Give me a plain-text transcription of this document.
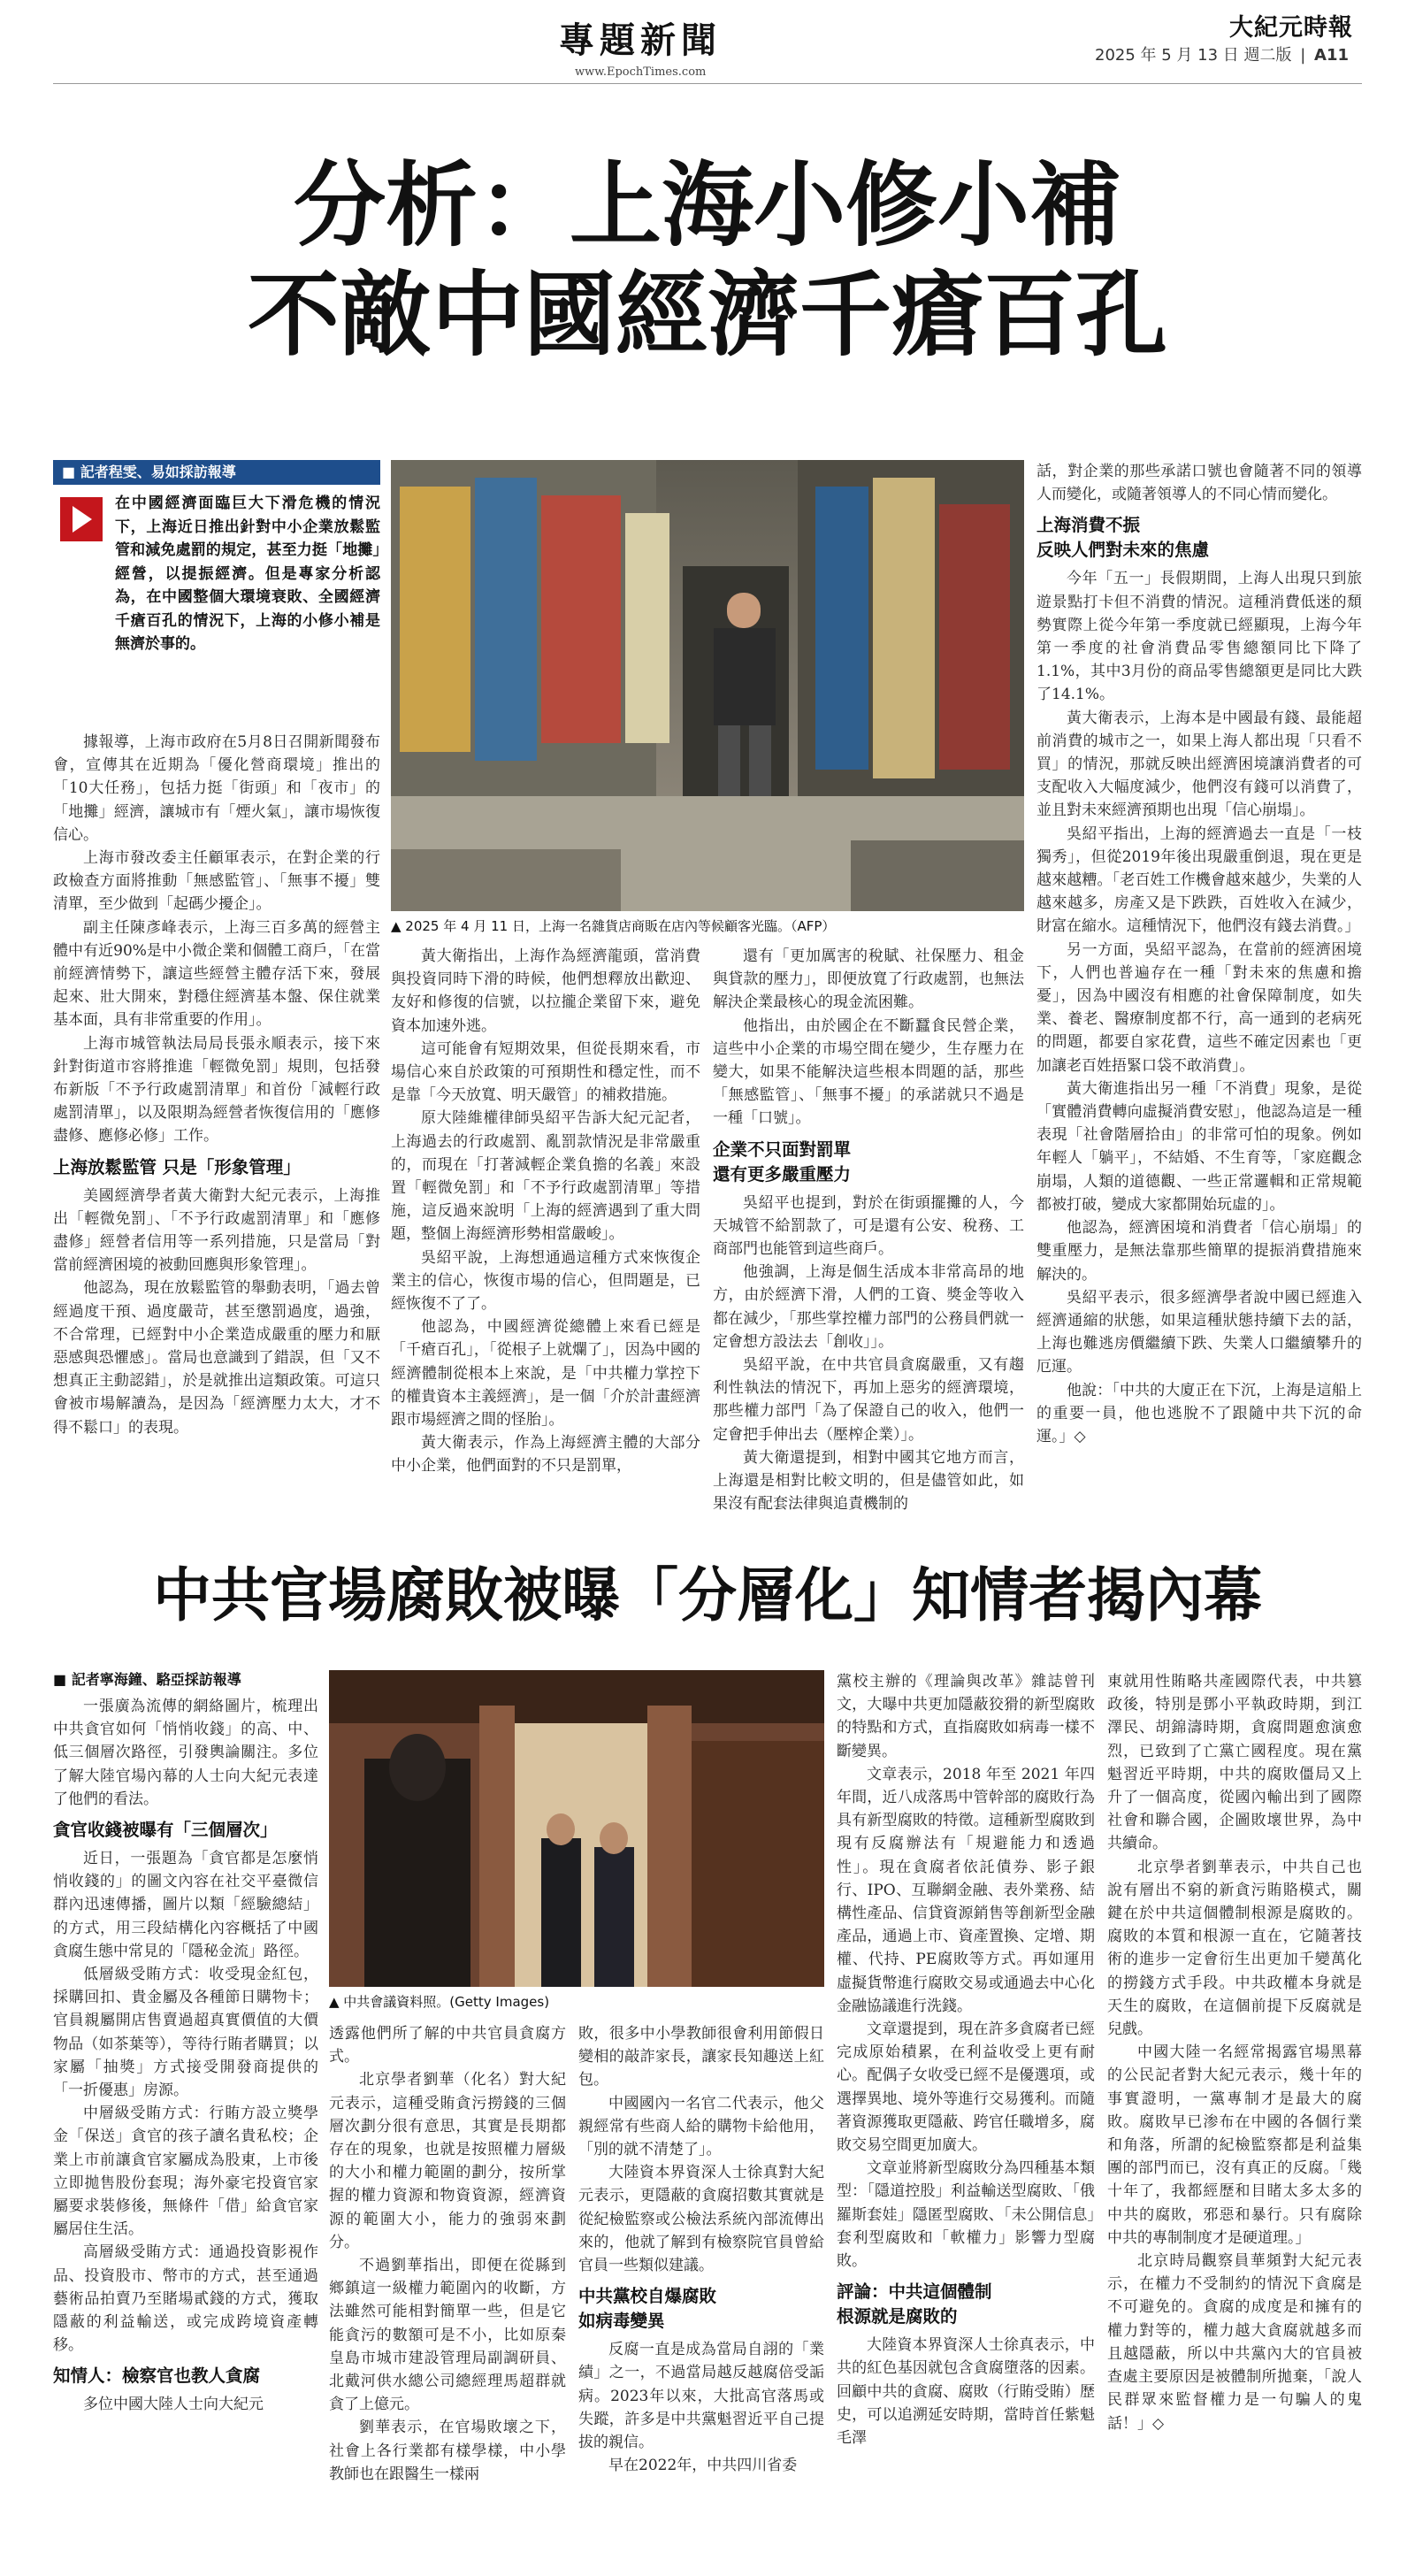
專題新聞
www.EpochTimes.com
大紀元時報
2025 年 5 月 13 日 週二版 | A11
分析：上海小修小補
不敵中國經濟千瘡百孔
■ 記者程雯、易如採訪報導
在中國經濟面臨巨大下滑危機的情況下，上海近日推出針對中小企業放鬆監管和減免處罰的規定，甚至力挺「地攤」經營，以提振經濟。但是專家分析認為，在中國整個大環境衰敗、全國經濟千瘡百孔的情況下，上海的小修小補是無濟於事的。
▲ 2025 年 4 月 11 日，上海一名雜貨店商販在店內等候顧客光臨。（AFP）

據報導，上海市政府在5月8日召開新聞發布會，宣傳其在近期為「優化營商環境」推出的「10大任務」，包括力挺「街頭」和「夜市」的「地攤」經濟，讓城市有「煙火氣」，讓市場恢復信心。

上海市發改委主任顧軍表示，在對企業的行政檢查方面將推動「無感監管」、「無事不擾」雙清單，至少做到「起碼少擾企」。

副主任陳彥峰表示，上海三百多萬的經營主體中有近90%是中小微企業和個體工商戶，「在當前經濟情勢下，讓這些經營主體存活下來，發展起來、壯大開來，對穩住經濟基本盤、保住就業基本面，具有非常重要的作用」。

上海市城管執法局局長張永順表示，接下來針對街道市容將推進「輕微免罰」規則，包括發布新版「不予行政處罰清單」和首份「減輕行政處罰清單」，以及限期為經營者恢復信用的「應修盡修、應修必修」工作。

上海放鬆監管 只是「形象管理」

美國經濟學者黃大衛對大紀元表示，上海推出「輕微免罰」、「不予行政處罰清單」和「應修盡修」經營者信用等一系列措施，只是當局「對當前經濟困境的被動回應與形象管理」。

他認為，現在放鬆監管的舉動表明，「過去曾經過度干預、過度嚴苛，甚至懲罰過度，過強，不合常理，已經對中小企業造成嚴重的壓力和厭惡感與恐懼感」。當局也意識到了錯誤，但「又不想真正主動認錯」，於是就推出這類政策。可這只會被市場解讀為，是因為「經濟壓力太大，才不得不鬆口」的表現。

黃大衛指出，上海作為經濟龍頭，當消費與投資同時下滑的時候，他們想釋放出歡迎、友好和修復的信號，以拉攏企業留下來，避免資本加速外逃。

這可能會有短期效果，但從長期來看，市場信心來自於政策的可預期性和穩定性，而不是靠「今天放寬、明天嚴管」的補救措施。

原大陸維權律師吳紹平告訴大紀元記者，上海過去的行政處罰、亂罰款情況是非常嚴重的，而現在「打著減輕企業負擔的名義」來設置「輕微免罰」和「不予行政處罰清單」等措施，這反過來說明「上海的經濟遇到了重大問題，整個上海經濟形勢相當嚴峻」。

吳紹平說，上海想通過這種方式來恢復企業主的信心，恢復市場的信心，但問題是，已經恢復不了了。

他認為，中國經濟從總體上來看已經是「千瘡百孔」，「從根子上就爛了」，因為中國的經濟體制從根本上來說，是「中共權力掌控下的權貴資本主義經濟」，是一個「介於計畫經濟跟市場經濟之間的怪胎」。

黃大衛表示，作為上海經濟主體的大部分中小企業，他們面對的不只是罰單，

還有「更加厲害的稅賦、社保壓力、租金與貸款的壓力」，即便放寬了行政處罰，也無法解決企業最核心的現金流困難。

他指出，由於國企在不斷蠶食民營企業，這些中小企業的市場空間在變少，生存壓力在變大，如果不能解決這些根本問題的話，那些「無感監管」、「無事不擾」的承諾就只不過是一種「口號」。

企業不只面對罰單
還有更多嚴重壓力

吳紹平也提到，對於在街頭擺攤的人，今天城管不給罰款了，可是還有公安、稅務、工商部門也能管到這些商戶。

他強調，上海是個生活成本非常高昂的地方，由於經濟下滑，人們的工資、獎金等收入都在減少，「那些掌控權力部門的公務員們就一定會想方設法去「創收」」。

吳紹平說，在中共官員貪腐嚴重，又有趨利性執法的情況下，再加上惡劣的經濟環境，那些權力部門「為了保證自己的收入，他們一定會把手伸出去（壓榨企業）」。

黃大衛還提到，相對中國其它地方而言，上海還是相對比較文明的，但是儘管如此，如果沒有配套法律與追責機制的

話，對企業的那些承諾口號也會隨著不同的領導人而變化，或隨著領導人的不同心情而變化。

上海消費不振
反映人們對未來的焦慮

今年「五一」長假期間，上海人出現只到旅遊景點打卡但不消費的情況。這種消費低迷的頹勢實際上從今年第一季度就已經顯現，上海今年第一季度的社會消費品零售總額同比下降了1.1%，其中3月份的商品零售總額更是同比大跌了14.1%。

黃大衛表示，上海本是中國最有錢、最能超前消費的城市之一，如果上海人都出現「只看不買」的情況，那就反映出經濟困境讓消費者的可支配收入大幅度減少，他們沒有錢可以消費了，並且對未來經濟預期也出現「信心崩塌」。

吳紹平指出，上海的經濟過去一直是「一枝獨秀」，但從2019年後出現嚴重倒退，現在更是越來越糟。「老百姓工作機會越來越少，失業的人越來越多，房產又是下跌跌，百姓收入在減少，財富在縮水。這種情況下，他們沒有錢去消費。」

另一方面，吳紹平認為，在當前的經濟困境下，人們也普遍存在一種「對未來的焦慮和擔憂」，因為中國沒有相應的社會保障制度，如失業、養老、醫療制度都不行，高一通到的老病死的問題，都要自家花費，這些不確定因素也「更加讓老百姓捂緊口袋不敢消費」。

黃大衛進指出另一種「不消費」現象，是從「實體消費轉向虛擬消費安慰」，他認為這是一種表現「社會階層拾由」的非常可怕的現象。例如年輕人「躺平」，不結婚、不生育等，「家庭觀念崩塌，人類的道德觀、一些正常邏輯和正常規範都被打破，變成大家都開始玩虛的」。

他認為，經濟困境和消費者「信心崩塌」的雙重壓力，是無法靠那些簡單的提振消費措施來解決的。

吳紹平表示，很多經濟學者說中國已經進入經濟通縮的狀態，如果這種狀態持續下去的話，上海也難逃房價繼續下跌、失業人口繼續攀升的厄運。

他說：「中共的大廈正在下沉，上海是這船上的重要一員，他也逃脫不了跟隨中共下沉的命運。」◇

中共官場腐敗被曝「分層化」知情者揭內幕
■ 記者寧海鐘、駱亞採訪報導
▲ 中共會議資料照。(Getty Images)

一張廣為流傳的網絡圖片，梳理出中共貪官如何「悄悄收錢」的高、中、低三個層次路徑，引發輿論關注。多位了解大陸官場內幕的人士向大紀元表達了他們的看法。

貪官收錢被曝有「三個層次」

近日，一張題為「貪官都是怎麼悄悄收錢的」的圖文內容在社交平臺微信群內迅速傳播，圖片以類「經驗總結」的方式，用三段結構化內容概括了中國貪腐生態中常見的「隱秘金流」路徑。

低層級受賄方式：收受現金紅包，採購回扣、貴金屬及各種節日購物卡；官員親屬開店售賣過超真實價值的大價物品（如茶葉等），等待行賄者購買；以家屬「抽獎」方式接受開發商提供的「一折優惠」房源。

中層級受賄方式：行賄方設立獎學金「保送」貪官的孩子讀名貴私校；企業上市前讓貪官家屬成為股東，上市後立即拋售股份套現；海外豪宅投資官家屬要求裝修後，無條件「借」給貪官家屬居住生活。

高層級受賄方式：通過投資影視作品、投資股市、幣市的方式，甚至通過藝術品拍賣乃至賭場貳錢的方式，獲取隱蔽的利益輸送，或完成跨境資產轉移。

知情人：檢察官也教人貪腐

多位中國大陸人士向大紀元

透露他們所了解的中共官員貪腐方式。

北京學者劉華（化名）對大紀元表示，這種受賄貪污撈錢的三個層次劃分很有意思，其實是長期都存在的現象，也就是按照權力層級的大小和權力範圍的劃分，按所掌握的權力資源和物資資源，經濟資源的範圍大小，能力的強弱來劃分。

不過劉華指出，即便在從縣到鄉鎮這一級權力範圍內的收斷，方法雖然可能相對簡單一些，但是它能貪污的數額可是不小，比如原秦皇島市城市建設管理局副調研員、北戴河供水總公司總經理馬超群就貪了上億元。

劉華表示，在官場敗壞之下，社會上各行業都有樣學樣，中小學教師也在跟醫生一樣兩

敗，很多中小學教師很會利用節假日變相的敲詐家長，讓家長知趣送上紅包。

中國國內一名官二代表示，他父親經常有些商人給的購物卡給他用，「別的就不清楚了」。

大陸資本界資深人士徐真對大紀元表示，更隱蔽的貪腐招數其實就是從紀檢監察或公檢法系統內部流傳出來的，他就了解到有檢察院官員曾給官員一些類似建議。

中共黨校自爆腐敗
如病毒變異

反腐一直是成為當局自詡的「業績」之一，不過當局越反越腐倍受詬病。2023年以來，大批高官落馬或失蹤，許多是中共黨魁習近平自己提拔的親信。

早在2022年，中共四川省委

黨校主辦的《理論與改革》雜誌曾刊文，大曝中共更加隱蔽狡猾的新型腐敗的特點和方式，直指腐敗如病毒一樣不斷變異。

文章表示，2018 年至 2021 年四年間，近八成落馬中管幹部的腐敗行為具有新型腐敗的特徵。這種新型腐敗到現有反腐辦法有「規避能力和透過性」。現在貪腐者依託債券、影子銀行、IPO、互聯網金融、表外業務、結構性產品、信貸資源銷售等創新型金融產品，通過上市、資產置換、定增、期權、代持、PE腐敗等方式。再如運用虛擬貨幣進行腐敗交易或通過去中心化金融協議進行洗錢。

文章還提到，現在許多貪腐者已經完成原始積累，在利益收受上更有耐心。配偶子女收受已經不是優選項，或選擇異地、境外等進行交易獲利。而隨著資源獲取更隱蔽、跨官任職增多，腐敗交易空間更加廣大。

文章並將新型腐敗分為四種基本類型：「隱道控股」利益輸送型腐敗、「俄羅斯套娃」隱匿型腐敗、「未公開信息」套利型腐敗和「軟權力」影響力型腐敗。

評論：中共這個體制
根源就是腐敗的

大陸資本界資深人士徐真表示，中共的紅色基因就包含貪腐墮落的因素。回顧中共的貪腐、腐敗（行賄受賄）歷史，可以追溯延安時期，當時首任紫魁毛澤

東就用性賄略共產國際代表，中共篡政後，特別是鄧小平執政時期，到江澤民、胡錦濤時期，貪腐問題愈演愈烈，已致到了亡黨亡國程度。現在黨魁習近平時期，中共的腐敗僵局又上升了一個高度，從國內輸出到了國際社會和聯合國，企圖敗壞世界，為中共續命。

北京學者劉華表示，中共自己也說有層出不窮的新貪污賄賂模式，關鍵在於中共這個體制根源是腐敗的。腐敗的本質和根源一直在，它隨著技術的進步一定會衍生出更加千變萬化的撈錢方式手段。中共政權本身就是天生的腐敗，在這個前提下反腐就是兒戲。

中國大陸一名經常揭露官場黑幕的公民記者對大紀元表示，幾十年的事實證明，一黨專制才是最大的腐敗。腐敗早已渗布在中國的各個行業和角落，所謂的紀檢監察都是利益集團的部門而已，沒有真正的反腐。「幾十年了，我都經歷和目睹太多太多的中共的腐敗，邪惡和暴行。只有腐除中共的專制制度才是硬道理。」

北京時局觀察員華頻對大紀元表示，在權力不受制約的情況下貪腐是不可避免的。貪腐的成度是和擁有的權力對等的，權力越大貪腐就越多而且越隱蔽，所以中共黨內大的官員被查處主要原因是被體制所拋棄，「說人民群眾來監督權力是一句騙人的鬼話！」◇
